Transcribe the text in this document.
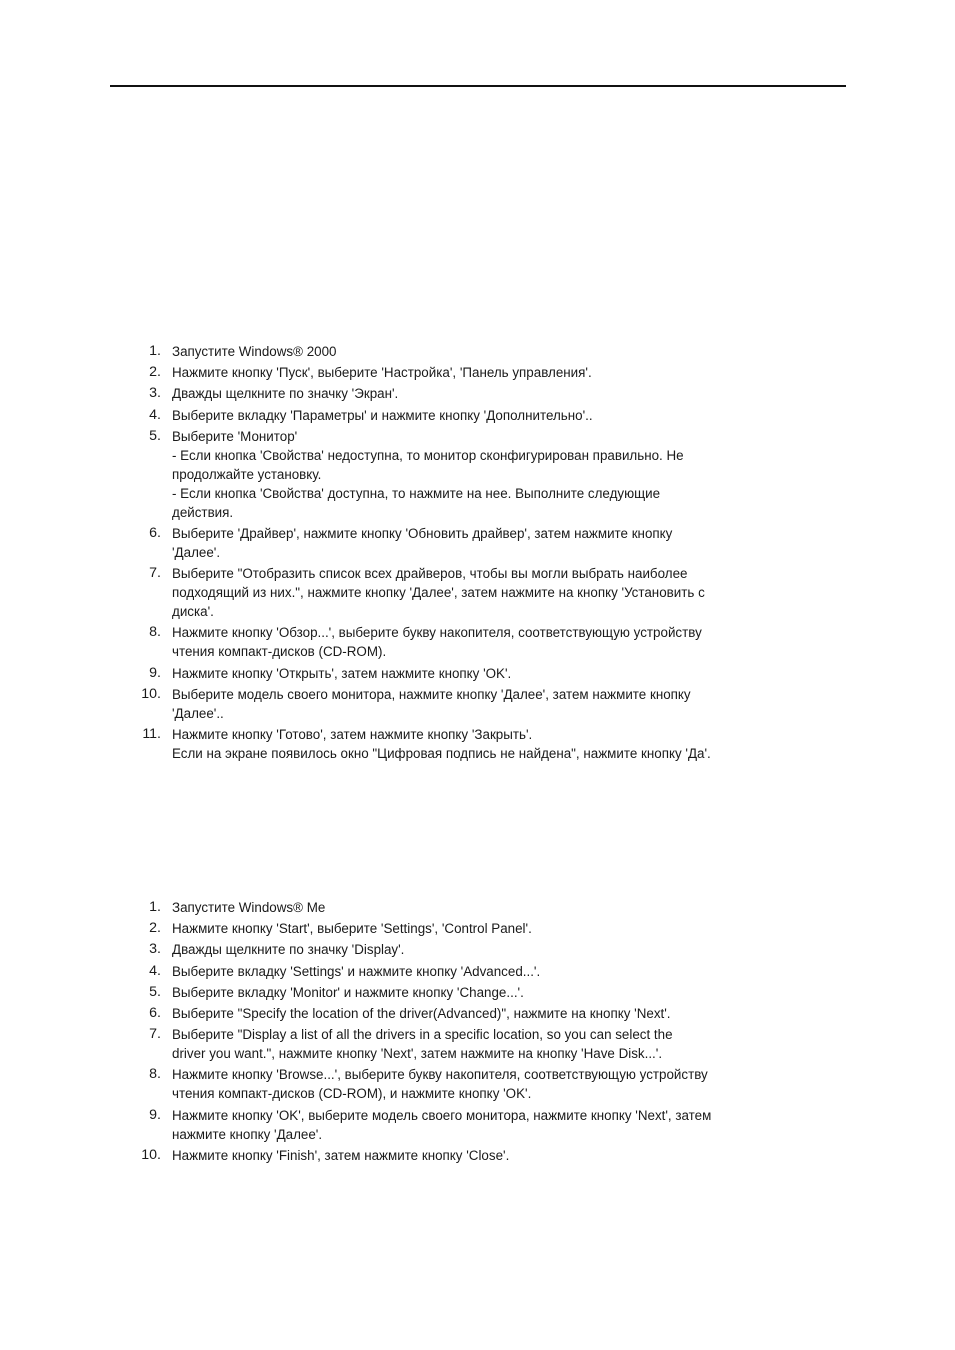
1. Запустите Windows® 2000
2. Нажмите кнопку 'Пуск', выберите 'Настройка', 'Панель управления'.
3. Дважды щелкните по значку 'Экран'.
4. Выберите вкладку 'Параметры' и нажмите кнопку 'Дополнительно'..
5. Выберите 'Монитор'
- Если кнопка 'Свойства' недоступна, то монитор сконфигурирован правильно. Не
продолжайте установку.
- Если кнопка 'Свойства' доступна, то нажмите на нее. Выполните следующие
действия.
6. Выберите 'Драйвер', нажмите кнопку 'Обновить драйвер', затем нажмите кнопку
'Далее'.
7. Выберите "Отобразить список всех драйверов, чтобы вы могли выбрать наиболее
подходящий из них.", нажмите кнопку 'Далее', затем нажмите на кнопку 'Установить с
диска'.
8. Нажмите кнопку 'Обзор...', выберите букву накопителя, соответствующую устройству
чтения компакт-дисков (CD-ROM).
9. Нажмите кнопку 'Открыть', затем нажмите кнопку 'OK'.
10. Выберите модель своего монитора, нажмите кнопку 'Далее', затем нажмите кнопку
'Далее'..
11. Нажмите кнопку 'Готово', затем нажмите кнопку 'Закрыть'.
Если на экране появилось окно "Цифровая подпись не найдена", нажмите кнопку 'Да'.
1. Запустите Windows® Me
2. Нажмите кнопку 'Start', выберите 'Settings', 'Control Panel'.
3. Дважды щелкните по значку 'Display'.
4. Выберите вкладку 'Settings' и нажмите кнопку 'Advanced...'.
5. Выберите вкладку 'Monitor' и нажмите кнопку 'Change...'.
6. Выберите "Specify the location of the driver(Advanced)", нажмите на кнопку 'Next'.
7. Выберите "Display a list of all the drivers in a specific location, so you can select the
driver you want.", нажмите кнопку 'Next', затем нажмите на кнопку 'Have Disk...'.
8. Нажмите кнопку 'Browse...', выберите букву накопителя, соответствующую устройству
чтения компакт-дисков (CD-ROM), и нажмите кнопку 'OK'.
9. Нажмите кнопку 'OK', выберите модель своего монитора, нажмите кнопку 'Next', затем
нажмите кнопку 'Далее'.
10. Нажмите кнопку 'Finish', затем нажмите кнопку 'Close'.
